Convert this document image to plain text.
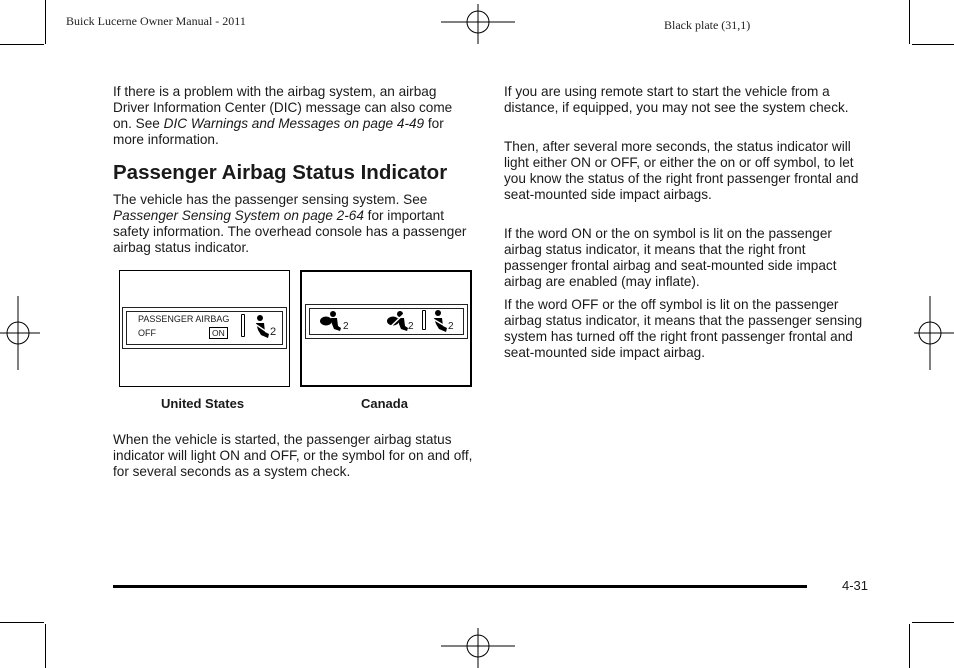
Buick Lucerne Owner Manual - 2011	Black plate (31,1)

If there is a problem with the airbag system, an airbag Driver Information Center (DIC) message can also come on. See DIC Warnings and Messages on page 4-49 for more information.

Passenger Airbag Status Indicator

The vehicle has the passenger sensing system. See Passenger Sensing System on page 2-64 for important safety information. The overhead console has a passenger airbag status indicator.

PASSENGER AIRBAG
OFF	ON	2	2	2	2
United States	Canada

When the vehicle is started, the passenger airbag status indicator will light ON and OFF, or the symbol for on and off, for several seconds as a system check.

If you are using remote start to start the vehicle from a distance, if equipped, you may not see the system check.

Then, after several more seconds, the status indicator will light either ON or OFF, or either the on or off symbol, to let you know the status of the right front passenger frontal and seat-mounted side impact airbags.

If the word ON or the on symbol is lit on the passenger airbag status indicator, it means that the right front passenger frontal airbag and seat-mounted side impact airbag are enabled (may inflate).

If the word OFF or the off symbol is lit on the passenger airbag status indicator, it means that the passenger sensing system has turned off the right front passenger frontal and seat-mounted side impact airbag.

4-31
